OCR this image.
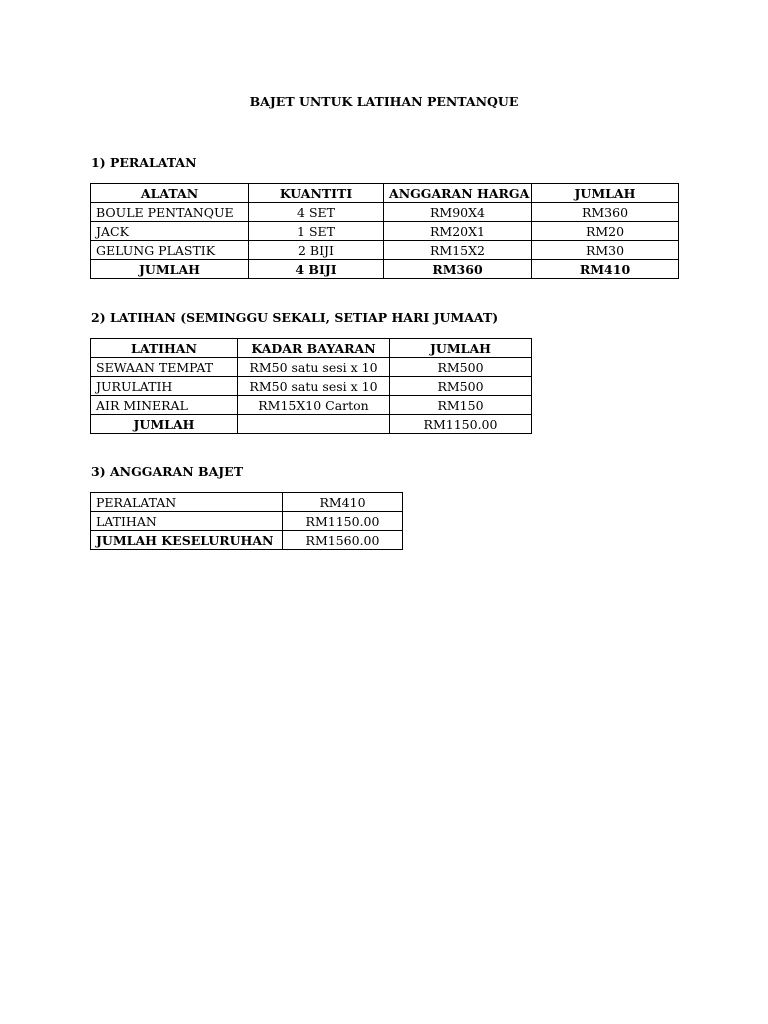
BAJET UNTUK LATIHAN PENTANQUE
1) PERALATAN
ALATAN	KUANTITI	ANGGARAN HARGA	JUMLAH
BOULE PENTANQUE	4 SET	RM90X4	RM360
JACK	1 SET	RM20X1	RM20
GELUNG PLASTIK	2 BIJI	RM15X2	RM30
JUMLAH	4 BIJI	RM360	RM410
2) LATIHAN (SEMINGGU SEKALI, SETIAP HARI JUMAAT)
LATIHAN	KADAR BAYARAN	JUMLAH
SEWAAN TEMPAT	RM50 satu sesi x 10	RM500
JURULATIH	RM50 satu sesi x 10	RM500
AIR MINERAL	RM15X10 Carton	RM150
JUMLAH		RM1150.00
3) ANGGARAN BAJET
PERALATAN	RM410
LATIHAN	RM1150.00
JUMLAH KESELURUHAN	RM1560.00
